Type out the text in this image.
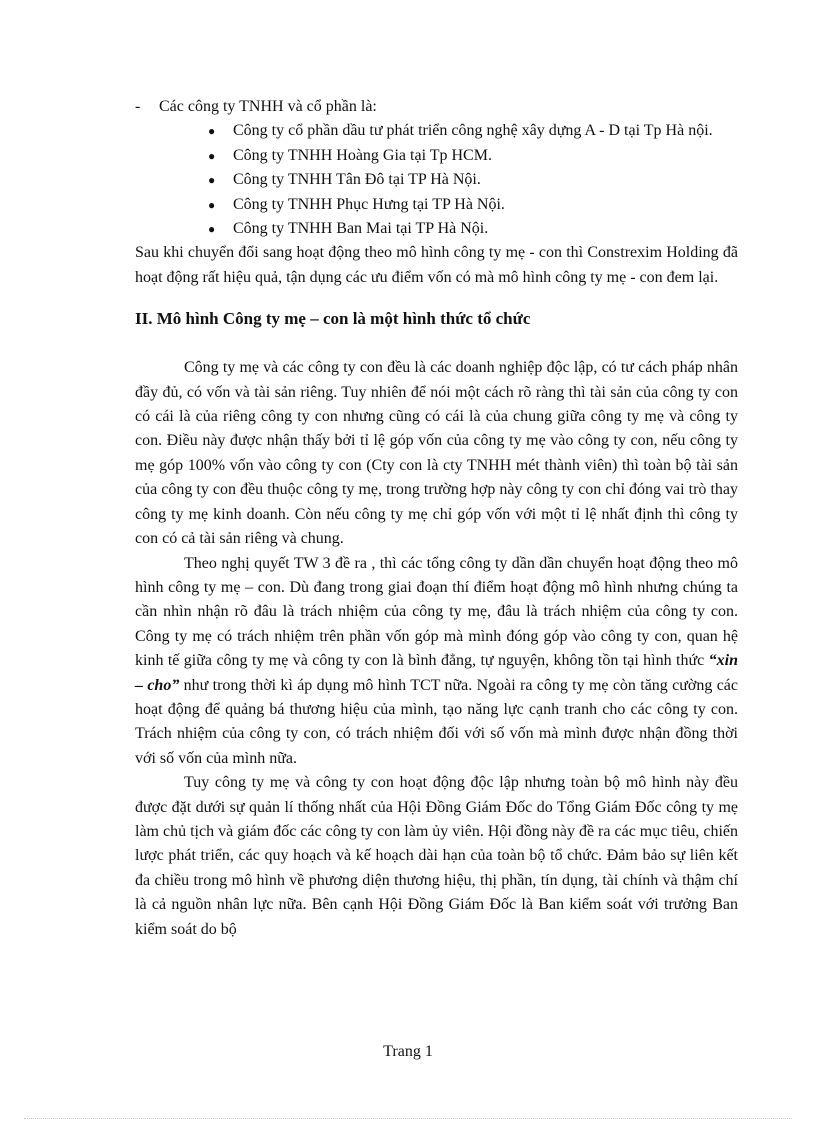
- Các công ty TNHH và cổ phần là:
● Công ty cổ phần dầu tư phát triển công nghệ xây dựng A - D tại Tp Hà nội.
● Công ty TNHH Hoàng Gia tại Tp HCM.
● Công ty TNHH Tân Đô tại TP Hà Nội.
● Công ty TNHH Phục Hưng tại TP Hà Nội.
● Công ty TNHH Ban Mai tại TP Hà Nội.

Sau khi chuyển đổi sang hoạt động theo mô hình công ty mẹ - con thì Constrexim Holding đã hoạt động rất hiệu quả, tận dụng các ưu điểm vốn có mà mô hình công ty mẹ - con đem lại.

II. Mô hình Công ty mẹ – con là một hình thức tổ chức

Công ty mẹ và các công ty con đều là các doanh nghiệp độc lập, có tư cách pháp nhân đầy đủ, có vốn và tài sản riêng. Tuy nhiên để nói một cách rõ ràng thì tài sản của công ty con có cái là của riêng công ty con nhưng cũng có cái là của chung giữa công ty mẹ và công ty con. Điều này được nhận thấy bởi tỉ lệ góp vốn của công ty mẹ vào công ty con, nếu công ty mẹ góp 100% vốn vào công ty con (Cty con là cty TNHH mét thành viên) thì toàn bộ tài sản của công ty con đều thuộc công ty mẹ, trong trường hợp này công ty con chỉ đóng vai trò thay công ty mẹ kinh doanh. Còn nếu công ty mẹ chỉ góp vốn với một tỉ lệ nhất định thì công ty con có cả tài sản riêng và chung.

Theo nghị quyết TW 3 đề ra , thì các tổng công ty dần dần chuyển hoạt động theo mô hình công ty mẹ – con. Dù đang trong giai đoạn thí điểm hoạt động mô hình nhưng chúng ta cần nhìn nhận rõ đâu là trách nhiệm của công ty mẹ, đâu là trách nhiệm của công ty con. Công ty mẹ có trách nhiệm trên phần vốn góp mà mình đóng góp vào công ty con, quan hệ kinh tế giữa công ty mẹ và công ty con là bình đẳng, tự nguyện, không tồn tại hình thức “xin – cho” như trong thời kì áp dụng mô hình TCT nữa. Ngoài ra công ty mẹ còn tăng cường các hoạt động để quảng bá thương hiệu của mình, tạo năng lực cạnh tranh cho các công ty con. Trách nhiệm của công ty con, có trách nhiệm đối với số vốn mà mình được nhận đồng thời với số vốn của mình nữa.

Tuy công ty mẹ và công ty con hoạt động độc lập nhưng toàn bộ mô hình này đều được đặt dưới sự quản lí thống nhất của Hội Đồng Giám Đốc do Tổng Giám Đốc công ty mẹ làm chủ tịch và giám đốc các công ty con làm ủy viên. Hội đồng này đề ra các mục tiêu, chiến lược phát triển, các quy hoạch và kế hoạch dài hạn của toàn bộ tổ chức. Đảm bảo sự liên kết đa chiều trong mô hình về phương diện thương hiệu, thị phần, tín dụng, tài chính và thậm chí là cả nguồn nhân lực nữa. Bên cạnh Hội Đồng Giám Đốc là Ban kiểm soát với trưởng Ban kiểm soát do bộ

Trang 1
